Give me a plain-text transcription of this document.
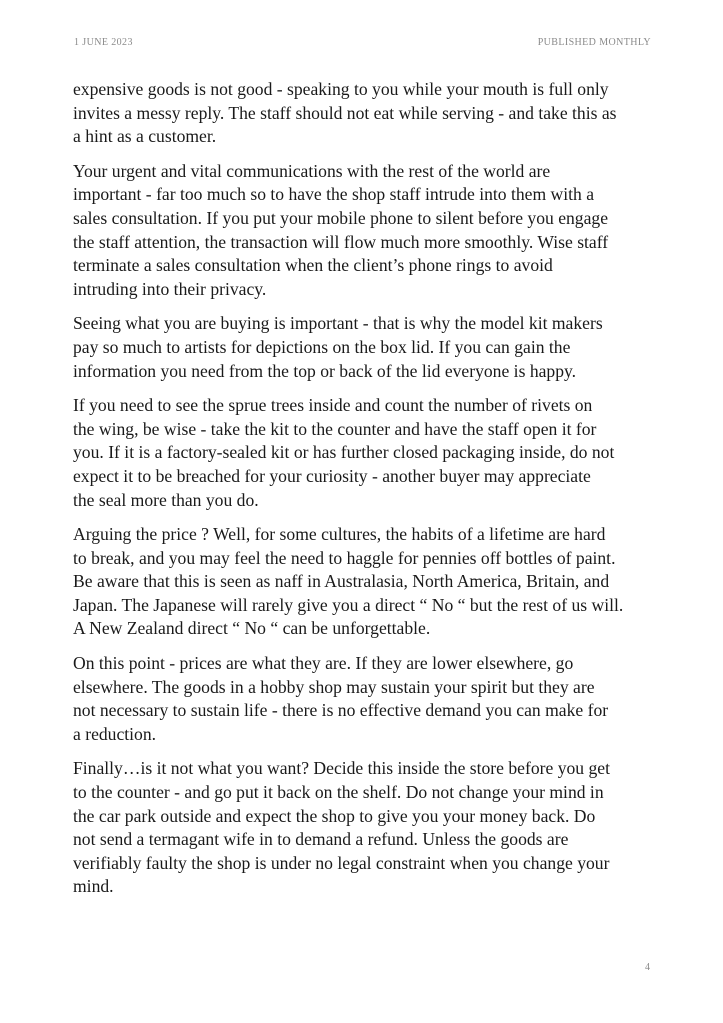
1 JUNE 2023	PUBLISHED MONTHLY

expensive goods is not good - speaking to you while your mouth is full only
invites a messy reply. The staff should not eat while serving - and take this as
a hint as a customer.

Your urgent and vital communications with the rest of the world are
important - far too much so to have the shop staff intrude into them with a
sales consultation. If you put your mobile phone to silent before you engage
the staff attention, the transaction will flow much more smoothly. Wise staff
terminate a sales consultation when the client’s phone rings to avoid
intruding into their privacy.

Seeing what you are buying is important - that is why the model kit makers
pay so much to artists for depictions on the box lid. If you can gain the
information you need from the top or back of the lid everyone is happy.

If you need to see the sprue trees inside and count the number of rivets on
the wing, be wise - take the kit to the counter and have the staff open it for
you. If it is a factory-sealed kit or has further closed packaging inside, do not
expect it to be breached for your curiosity - another buyer may appreciate
the seal more than you do.

Arguing the price ? Well, for some cultures, the habits of a lifetime are hard
to break, and you may feel the need to haggle for pennies off bottles of paint.
Be aware that this is seen as naff in Australasia, North America, Britain, and
Japan. The Japanese will rarely give you a direct “ No “ but the rest of us will.
A New Zealand direct “ No “ can be unforgettable.

On this point - prices are what they are. If they are lower elsewhere, go
elsewhere. The goods in a hobby shop may sustain your spirit but they are
not necessary to sustain life - there is no effective demand you can make for
a reduction.

Finally…is it not what you want? Decide this inside the store before you get
to the counter - and go put it back on the shelf. Do not change your mind in
the car park outside and expect the shop to give you your money back. Do
not send a termagant wife in to demand a refund. Unless the goods are
verifiably faulty the shop is under no legal constraint when you change your
mind.

4
